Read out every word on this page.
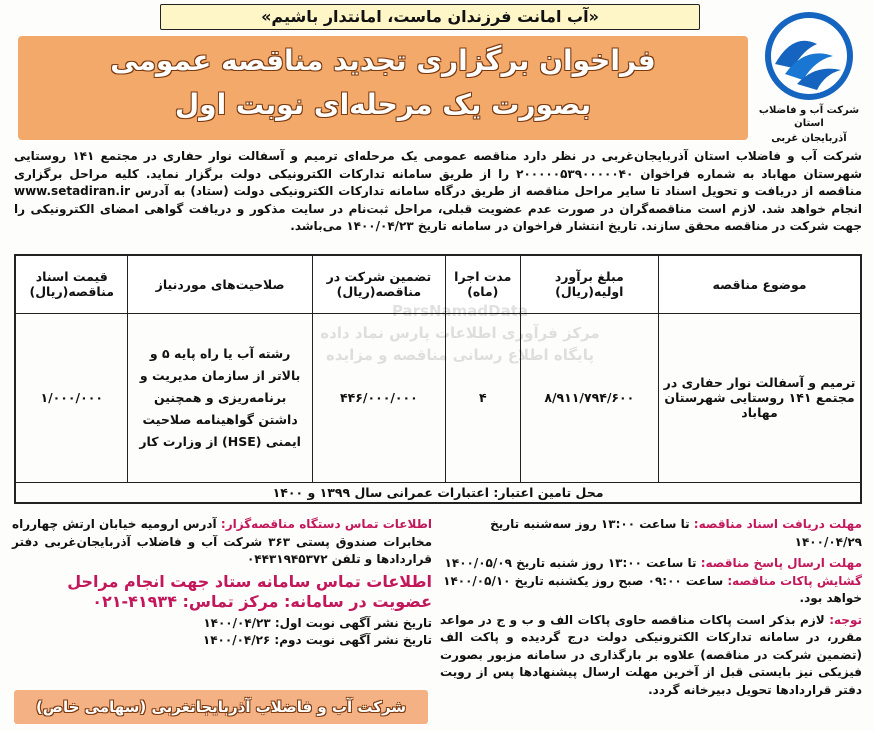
«آب امانت فرزندان ماست، امانتدار باشیم»
فراخوان برگزاری تجدید مناقصه عمومی
بصورت یک مرحله‌ای نوبت اول	شرکت آب و فاضلاب استان
آذربایجان غربی
شرکت آب و فاضلاب استان آذربایجان‌غربی در نظر دارد مناقصه عمومی یک مرحله‌ای ترمیم و آسفالت نوار حفاری در مجتمع ۱۴۱ روستایی شهرستان مهاباد به شماره فراخوان ۲۰۰۰۰۰۵۳۹۰۰۰۰۰۴۰ را از طریق سامانه تدارکات الکترونیکی دولت برگزار نماید. کلیه مراحل برگزاری مناقصه از دریافت و تحویل اسناد تا سایر مراحل مناقصه از طریق درگاه سامانه تدارکات الکترونیکی دولت (ستاد) به آدرس www.setadiran.ir انجام خواهد شد. لازم است مناقصه‌گران در صورت عدم عضویت قبلی، مراحل ثبت‌نام در سایت مذکور و دریافت گواهی امضای الکترونیکی را جهت شرکت در مناقصه محقق سازند. تاریخ انتشار فراخوان در سامانه تاریخ ۱۴۰۰/۰۴/۲۳ می‌باشد.
موضوع مناقصه	مبلغ برآورد اولیه(ریال)	مدت اجرا (ماه)	تضمین شرکت در مناقصه(ریال)	صلاحیت‌های موردنیاز	قیمت اسناد مناقصه(ریال)
ترمیم و آسفالت نوار حفاری در مجتمع ۱۴۱ روستایی شهرستان مهاباد	۸/۹۱۱/۷۹۴/۶۰۰	۴	۴۴۶/۰۰۰/۰۰۰	رشته آب یا راه پایه ۵ و بالاتر از سازمان مدیریت و برنامه‌ریزی و همچنین داشتن گواهینامه صلاحیت ایمنی (HSE) از وزارت کار	۱/۰۰۰/۰۰۰
محل تامین اعتبار: اعتبارات عمرانی سال ۱۳۹۹ و ۱۴۰۰					
ParsNamadData
مرکز فرآوری اطلاعات پارس نماد داده
پایگاه اطلاع رسانی مناقصه و مزایده
مهلت دریافت اسناد مناقصه: تا ساعت ۱۳:۰۰ روز سه‌شنبه تاریخ ۱۴۰۰/۰۴/۲۹
مهلت ارسال پاسخ مناقصه: تا ساعت ۱۳:۰۰ روز شنبه تاریخ ۱۴۰۰/۰۵/۰۹
گشایش پاکات مناقصه: ساعت ۰۹:۰۰ صبح روز یکشنبه تاریخ ۱۴۰۰/۰۵/۱۰ خواهد بود.
توجه: لازم بذکر است پاکات مناقصه حاوی پاکات الف و ب و ج در مواعد مقرر، در سامانه تدارکات الکترونیکی دولت درج گردیده و پاکت الف (تضمین شرکت در مناقصه) علاوه بر بارگذاری در سامانه مزبور بصورت فیزیکی نیز بایستی قبل از آخرین مهلت ارسال پیشنهادها پس از رویت دفتر قراردادها تحویل دبیرخانه گردد.
اطلاعات تماس دستگاه مناقصه‌گزار: آدرس ارومیه خیابان ارتش چهارراه مخابرات صندوق پستی ۳۶۳ شرکت آب و فاضلاب آذربایجان‌غربی دفتر قراردادها و تلفن ۰۴۴۳۱۹۴۵۳۷۲
اطلاعات تماس سامانه ستاد جهت انجام مراحل عضویت در سامانه: مرکز تماس: ۴۱۹۳۴-۰۲۱
تاریخ نشر آگهی نوبت اول: ۱۴۰۰/۰۴/۲۳
تاریخ نشر آگهی نوبت دوم: ۱۴۰۰/۰۴/۲۶
شرکت آب و فاضلاب آذربایجانغربی (سهامی خاص)
